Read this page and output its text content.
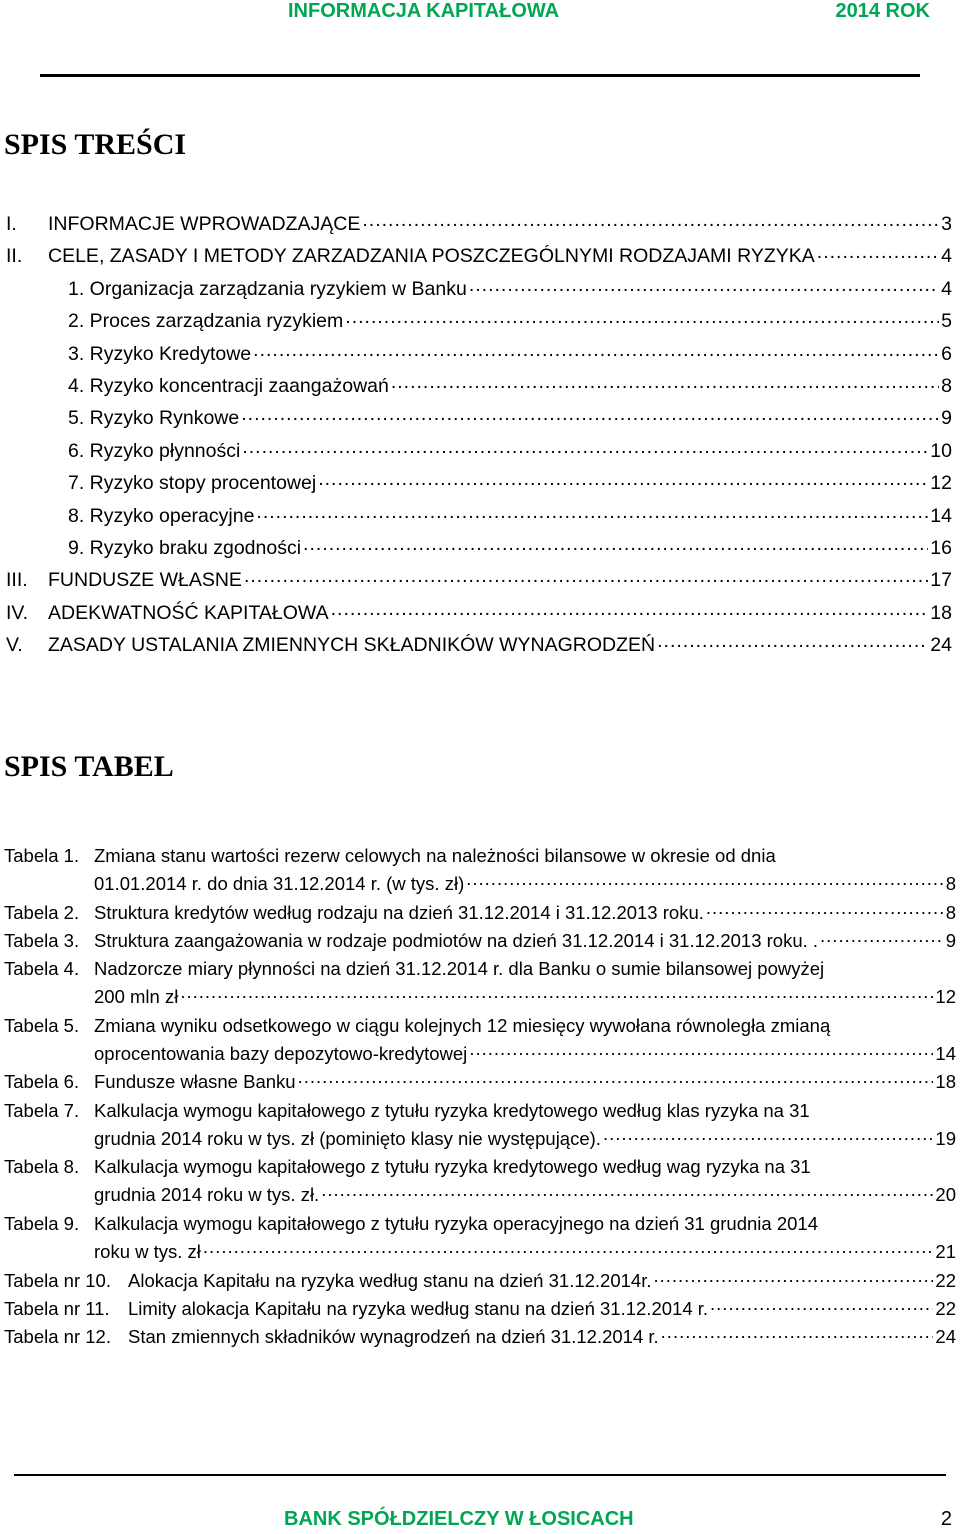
INFORMACJA KAPITAŁOWA	2014 ROK
SPIS TREŚCI
I. INFORMACJE WPROWADZAJĄCE .....	3
II. CELE, ZASADY I METODY ZARZADZANIA POSZCZEGÓLNYMI RODZAJAMI RYZYKA .....	4
1. Organizacja zarządzania ryzykiem w Banku .....	4
2. Proces zarządzania ryzykiem .....	5
3. Ryzyko Kredytowe .....	6
4. Ryzyko koncentracji zaangażowań .....	8
5. Ryzyko Rynkowe .....	9
6. Ryzyko płynności .....	10
7. Ryzyko stopy procentowej .....	12
8. Ryzyko operacyjne .....	14
9. Ryzyko braku zgodności .....	16
III. FUNDUSZE WŁASNE .....	17
IV. ADEKWATNOŚĆ KAPITAŁOWA .....	18
V. ZASADY USTALANIA ZMIENNYCH SKŁADNIKÓW WYNAGRODZEŃ .....	24
SPIS TABEL
Tabela 1. Zmiana stanu wartości rezerw celowych na należności bilansowe w okresie od dnia
01.01.2014 r. do dnia 31.12.2014 r. (w tys. zł) .....	8
Tabela 2. Struktura kredytów według rodzaju na dzień 31.12.2014 i 31.12.2013 roku. .....	8
Tabela 3. Struktura zaangażowania w rodzaje podmiotów na dzień 31.12.2014 i 31.12.2013 roku. . .....	9
Tabela 4. Nadzorcze miary płynności na dzień 31.12.2014 r. dla Banku o sumie bilansowej powyżej
200 mln zł .....	12
Tabela 5. Zmiana wyniku odsetkowego w ciągu kolejnych 12 miesięcy wywołana równoległa zmianą
oprocentowania bazy depozytowo-kredytowej .....	14
Tabela 6. Fundusze własne Banku .....	18
Tabela 7. Kalkulacja wymogu kapitałowego z tytułu ryzyka kredytowego według klas ryzyka na 31
grudnia 2014 roku w tys. zł (pominięto klasy nie występujące). .....	19
Tabela 8. Kalkulacja wymogu kapitałowego z tytułu ryzyka kredytowego według wag ryzyka na 31
grudnia 2014 roku w tys. zł. .....	20
Tabela 9. Kalkulacja wymogu kapitałowego z tytułu ryzyka operacyjnego na dzień 31 grudnia 2014
roku w tys. zł .....	21
Tabela nr 10. Alokacja Kapitału na ryzyka według stanu na dzień 31.12.2014r. .....	22
Tabela nr 11. Limity alokacja Kapitału na ryzyka według stanu na dzień 31.12.2014 r. .....	22
Tabela nr 12. Stan zmiennych składników wynagrodzeń na dzień 31.12.2014 r. .....	24
BANK SPÓŁDZIELCZY W ŁOSICACH	2
